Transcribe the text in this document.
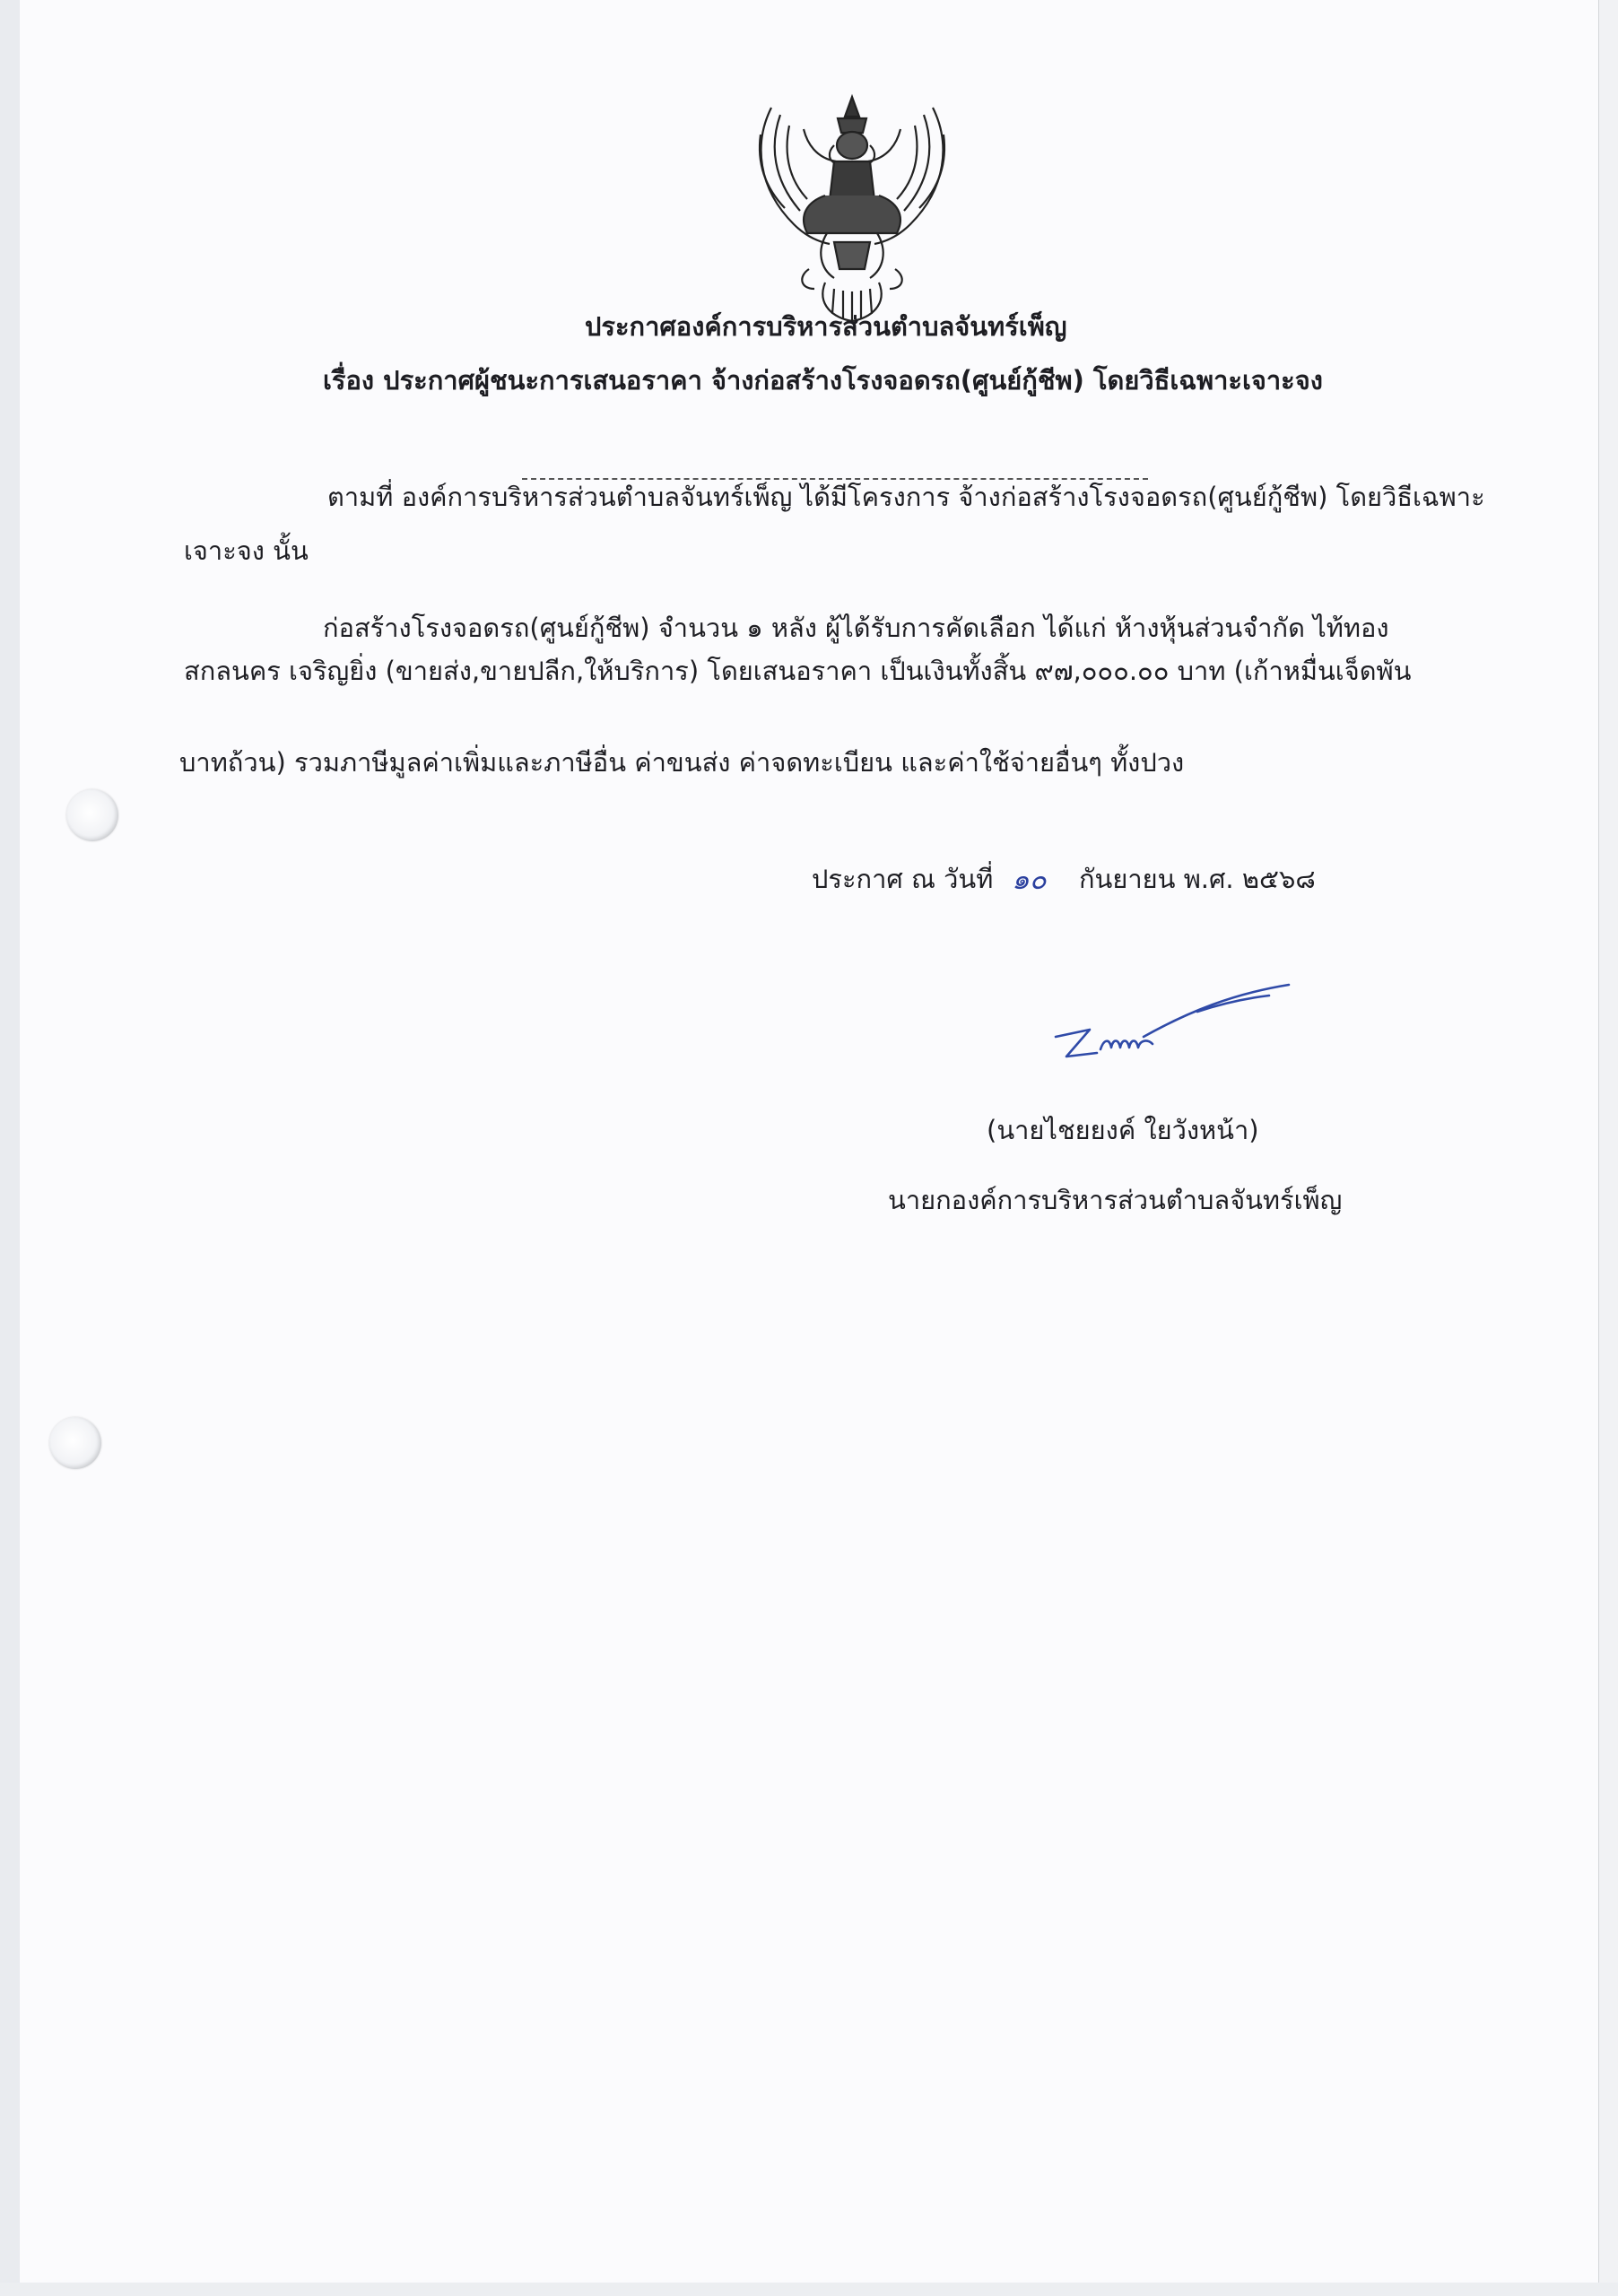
ประกาศองค์การบริหารส่วนตำบลจันทร์เพ็ญ
เรื่อง ประกาศผู้ชนะการเสนอราคา จ้างก่อสร้างโรงจอดรถ(ศูนย์กู้ชีพ) โดยวิธีเฉพาะเจาะจง
ตามที่ องค์การบริหารส่วนตำบลจันทร์เพ็ญ ได้มีโครงการ จ้างก่อสร้างโรงจอดรถ(ศูนย์กู้ชีพ) โดยวิธีเฉพาะ
เจาะจง นั้น
ก่อสร้างโรงจอดรถ(ศูนย์กู้ชีพ) จำนวน ๑ หลัง ผู้ได้รับการคัดเลือก ได้แก่ ห้างหุ้นส่วนจำกัด ไท้ทอง
สกลนคร เจริญยิ่ง (ขายส่ง,ขายปลีก,ให้บริการ) โดยเสนอราคา เป็นเงินทั้งสิ้น ๙๗,๐๐๐.๐๐ บาท (เก้าหมื่นเจ็ดพัน
บาทถ้วน) รวมภาษีมูลค่าเพิ่มและภาษีอื่น ค่าขนส่ง ค่าจดทะเบียน และค่าใช้จ่ายอื่นๆ ทั้งปวง
ประกาศ ณ วันที่ ๑๐ กันยายน พ.ศ. ๒๕๖๘
(นายไชยยงค์ ใยวังหน้า)
นายกองค์การบริหารส่วนตำบลจันทร์เพ็ญ
